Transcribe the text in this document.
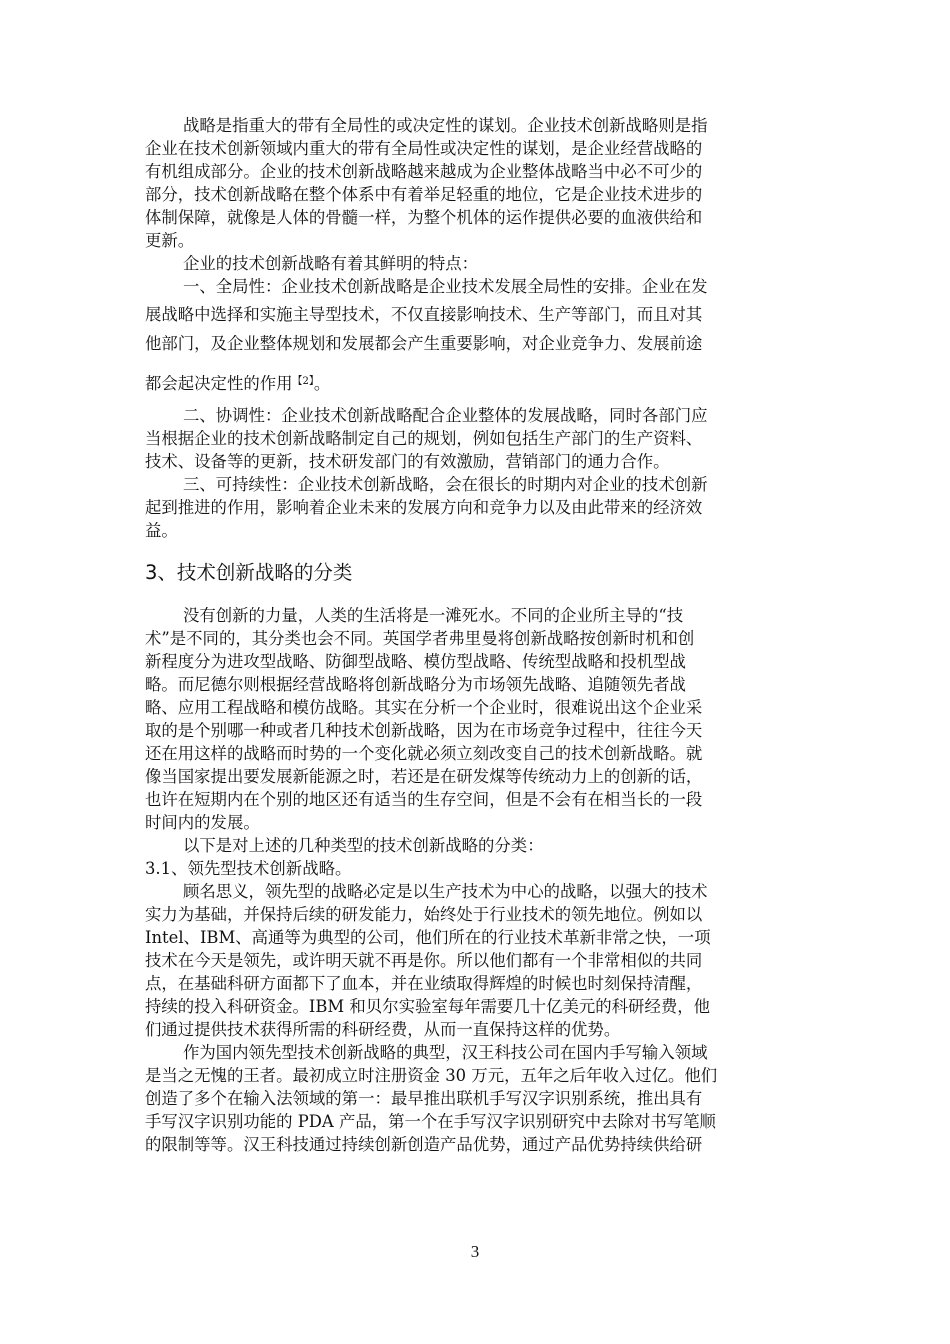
战略是指重大的带有全局性的或决定性的谋划。企业技术创新战略则是指
企业在技术创新领域内重大的带有全局性或决定性的谋划，是企业经营战略的
有机组成部分。企业的技术创新战略越来越成为企业整体战略当中必不可少的
部分，技术创新战略在整个体系中有着举足轻重的地位，它是企业技术进步的
体制保障，就像是人体的骨髓一样，为整个机体的运作提供必要的血液供给和
更新。
企业的技术创新战略有着其鲜明的特点：
一、全局性：企业技术创新战略是企业技术发展全局性的安排。企业在发
展战略中选择和实施主导型技术，不仅直接影响技术、生产等部门，而且对其
他部门，及企业整体规划和发展都会产生重要影响，对企业竞争力、发展前途
都会起决定性的作用$^{【2】}$。
二、协调性：企业技术创新战略配合企业整体的发展战略，同时各部门应
当根据企业的技术创新战略制定自己的规划，例如包括生产部门的生产资料、
技术、设备等的更新，技术研发部门的有效激励，营销部门的通力合作。
三、可持续性：企业技术创新战略，会在很长的时期内对企业的技术创新
起到推进的作用，影响着企业未来的发展方向和竞争力以及由此带来的经济效
益。
3、技术创新战略的分类
没有创新的力量，人类的生活将是一滩死水。不同的企业所主导的“技
术”是不同的，其分类也会不同。英国学者弗里曼将创新战略按创新时机和创
新程度分为进攻型战略、防御型战略、模仿型战略、传统型战略和投机型战
略。而尼德尔则根据经营战略将创新战略分为市场领先战略、追随领先者战
略、应用工程战略和模仿战略。其实在分析一个企业时，很难说出这个企业采
取的是个别哪一种或者几种技术创新战略，因为在市场竞争过程中，往往今天
还在用这样的战略而时势的一个变化就必须立刻改变自己的技术创新战略。就
像当国家提出要发展新能源之时，若还是在研发煤等传统动力上的创新的话，
也许在短期内在个别的地区还有适当的生存空间，但是不会有在相当长的一段
时间内的发展。
以下是对上述的几种类型的技术创新战略的分类：
3.1、领先型技术创新战略。
顾名思义，领先型的战略必定是以生产技术为中心的战略，以强大的技术
实力为基础，并保持后续的研发能力，始终处于行业技术的领先地位。例如以
Intel、IBM、高通等为典型的公司，他们所在的行业技术革新非常之快，一项
技术在今天是领先，或许明天就不再是你。所以他们都有一个非常相似的共同
点，在基础科研方面都下了血本，并在业绩取得辉煌的时候也时刻保持清醒，
持续的投入科研资金。IBM 和贝尔实验室每年需要几十亿美元的科研经费，他
们通过提供技术获得所需的科研经费，从而一直保持这样的优势。
作为国内领先型技术创新战略的典型，汉王科技公司在国内手写输入领域
是当之无愧的王者。最初成立时注册资金 30 万元，五年之后年收入过亿。他们
创造了多个在输入法领域的第一：最早推出联机手写汉字识别系统，推出具有
手写汉字识别功能的 PDA 产品，第一个在手写汉字识别研究中去除对书写笔顺
的限制等等。汉王科技通过持续创新创造产品优势，通过产品优势持续供给研
3
